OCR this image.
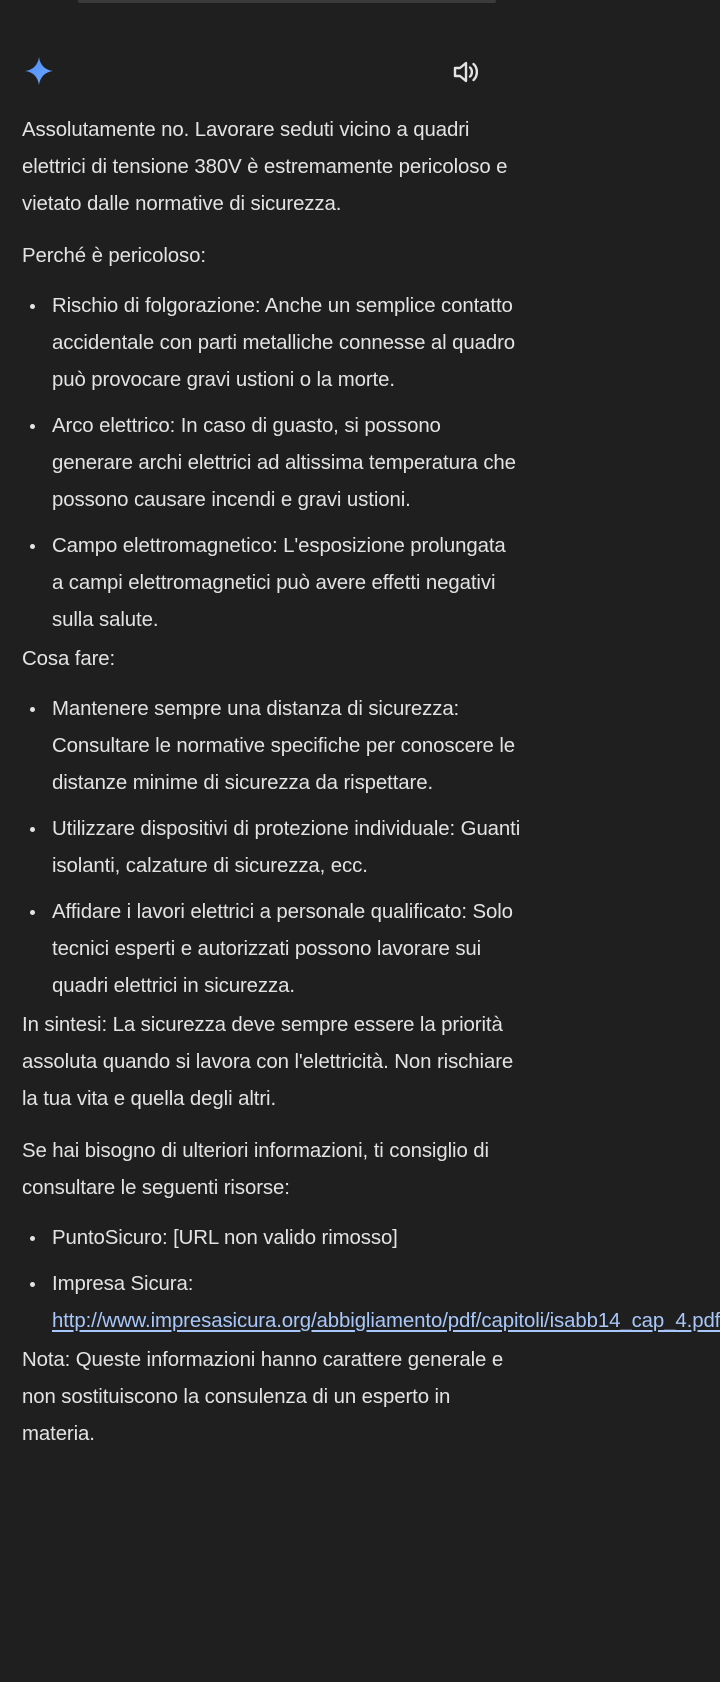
Assolutamente no. Lavorare seduti vicino a quadri elettrici di tensione 380V è estremamente pericoloso e vietato dalle normative di sicurezza.

Perché è pericoloso:

Rischio di folgorazione: Anche un semplice contatto accidentale con parti metalliche connesse al quadro può provocare gravi ustioni o la morte.
Arco elettrico: In caso di guasto, si possono generare archi elettrici ad altissima temperatura che possono causare incendi e gravi ustioni.
Campo elettromagnetico: L'esposizione prolungata a campi elettromagnetici può avere effetti negativi sulla salute.

Cosa fare:

Mantenere sempre una distanza di sicurezza: Consultare le normative specifiche per conoscere le distanze minime di sicurezza da rispettare.
Utilizzare dispositivi di protezione individuale: Guanti isolanti, calzature di sicurezza, ecc.
Affidare i lavori elettrici a personale qualificato: Solo tecnici esperti e autorizzati possono lavorare sui quadri elettrici in sicurezza.

In sintesi: La sicurezza deve sempre essere la priorità assoluta quando si lavora con l'elettricità. Non rischiare la tua vita e quella degli altri.

Se hai bisogno di ulteriori informazioni, ti consiglio di consultare le seguenti risorse:

PuntoSicuro: [URL non valido rimosso]
Impresa Sicura: http://www.impresasicura.org/abbigliamento/pdf/capitoli/isabb14_cap_4.pdf

Nota: Queste informazioni hanno carattere generale e non sostituiscono la consulenza di un esperto in materia.
